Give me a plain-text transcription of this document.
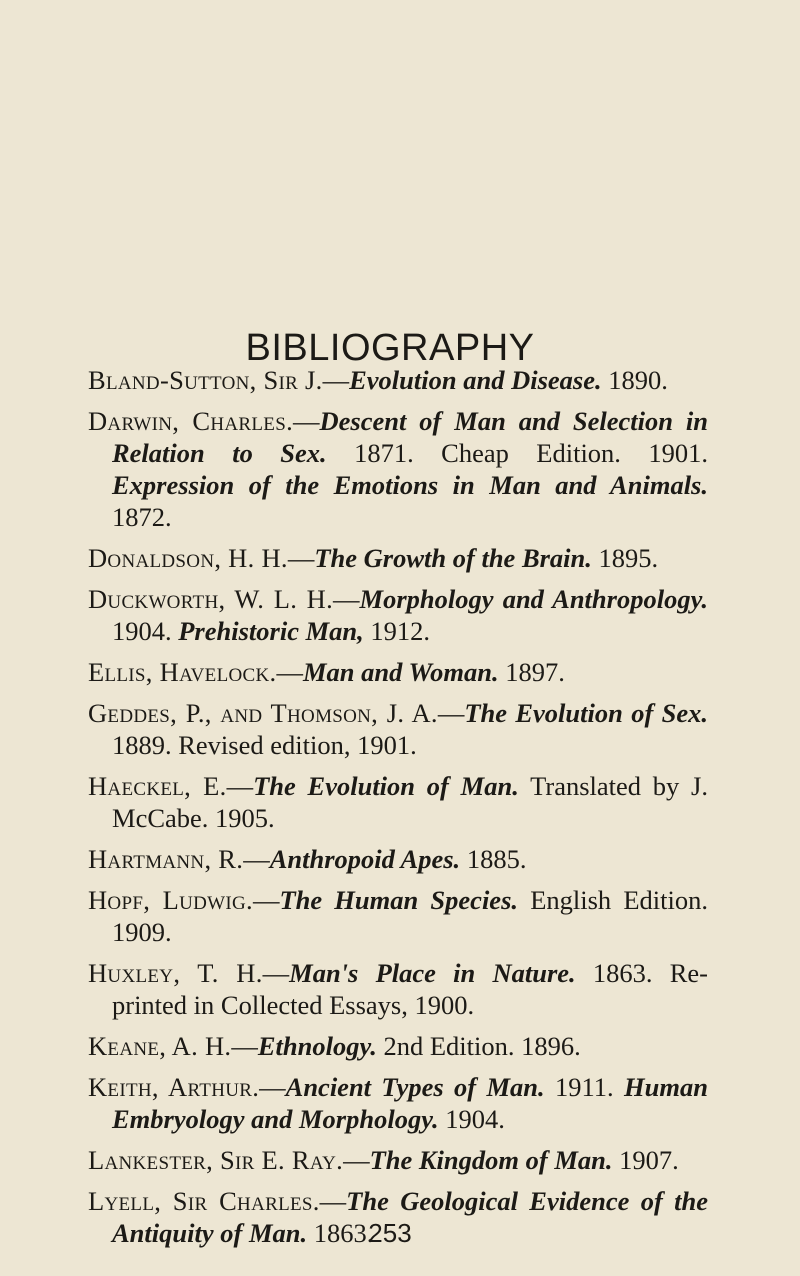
BIBLIOGRAPHY

Bland-Sutton, Sir J. — Evolution and Disease. 1890.

Darwin, Charles. — Descent of Man and Selection in Relation to Sex. 1871. Cheap Edition. 1901. Expression of the Emotions in Man and Animals. 1872.

Donaldson, H. H. — The Growth of the Brain. 1895.

Duckworth, W. L. H. — Morphology and Anthropology. 1904. Prehistoric Man, 1912.

Ellis, Havelock. — Man and Woman. 1897.

Geddes, P., and Thomson, J. A. — The Evolution of Sex. 1889. Revised edition, 1901.

Haeckel, E. — The Evolution of Man. Translated by J. McCabe. 1905.

Hartmann, R. — Anthropoid Apes. 1885.

Hopf, Ludwig. — The Human Species. English Edition. 1909.

Huxley, T. H. — Man's Place in Nature. 1863. Re-printed in Collected Essays, 1900.

Keane, A. H. — Ethnology. 2nd Edition. 1896.

Keith, Arthur. — Ancient Types of Man. 1911. Human Embryology and Morphology. 1904.

Lankester, Sir E. Ray. — The Kingdom of Man. 1907.

Lyell, Sir Charles. — The Geological Evidence of the Antiquity of Man. 1863.

253
